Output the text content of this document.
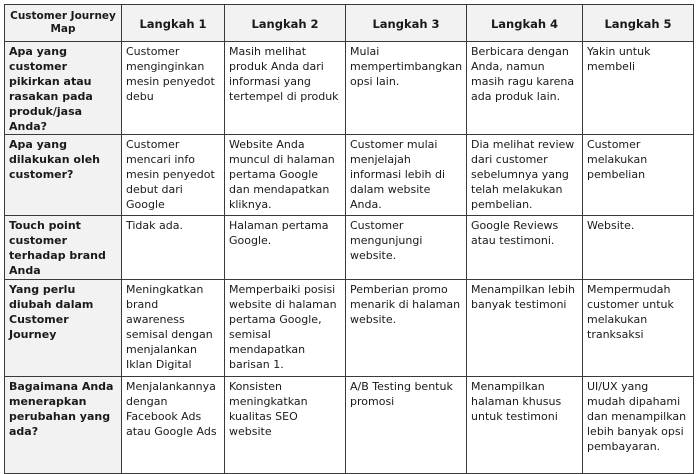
Customer Journey Map	Langkah 1	Langkah 2	Langkah 3	Langkah 4	Langkah 5
Apa yang customer pikirkan atau rasakan pada produk/jasa Anda?	Customer menginginkan mesin penyedot debu	Masih melihat produk Anda dari informasi yang tertempel di produk	Mulai mempertimbangkan opsi lain.	Berbicara dengan Anda, namun masih ragu karena ada produk lain.	Yakin untuk membeli
Apa yang dilakukan oleh customer?	Customer mencari info mesin penyedot debut dari Google	Website Anda muncul di halaman pertama Google dan mendapatkan kliknya.	Customer mulai menjelajah informasi lebih di dalam website Anda.	Dia melihat review dari customer sebelumnya yang telah melakukan pembelian.	Customer melakukan pembelian
Touch point customer terhadap brand Anda	Tidak ada.	Halaman pertama Google.	Customer mengunjungi website.	Google Reviews atau testimoni.	Website.
Yang perlu diubah dalam Customer Journey	Meningkatkan brand awareness semisal dengan menjalankan Iklan Digital	Memperbaiki posisi website di halaman pertama Google, semisal mendapatkan barisan 1.	Pemberian promo menarik di halaman website.	Menampilkan lebih banyak testimoni	Mempermudah customer untuk melakukan tranksaksi
Bagaimana Anda menerapkan perubahan yang ada?	Menjalankannya dengan Facebook Ads atau Google Ads	Konsisten meningkatkan kualitas SEO website	A/B Testing bentuk promosi	Menampilkan halaman khusus untuk testimoni	UI/UX yang mudah dipahami dan menampilkan lebih banyak opsi pembayaran.
